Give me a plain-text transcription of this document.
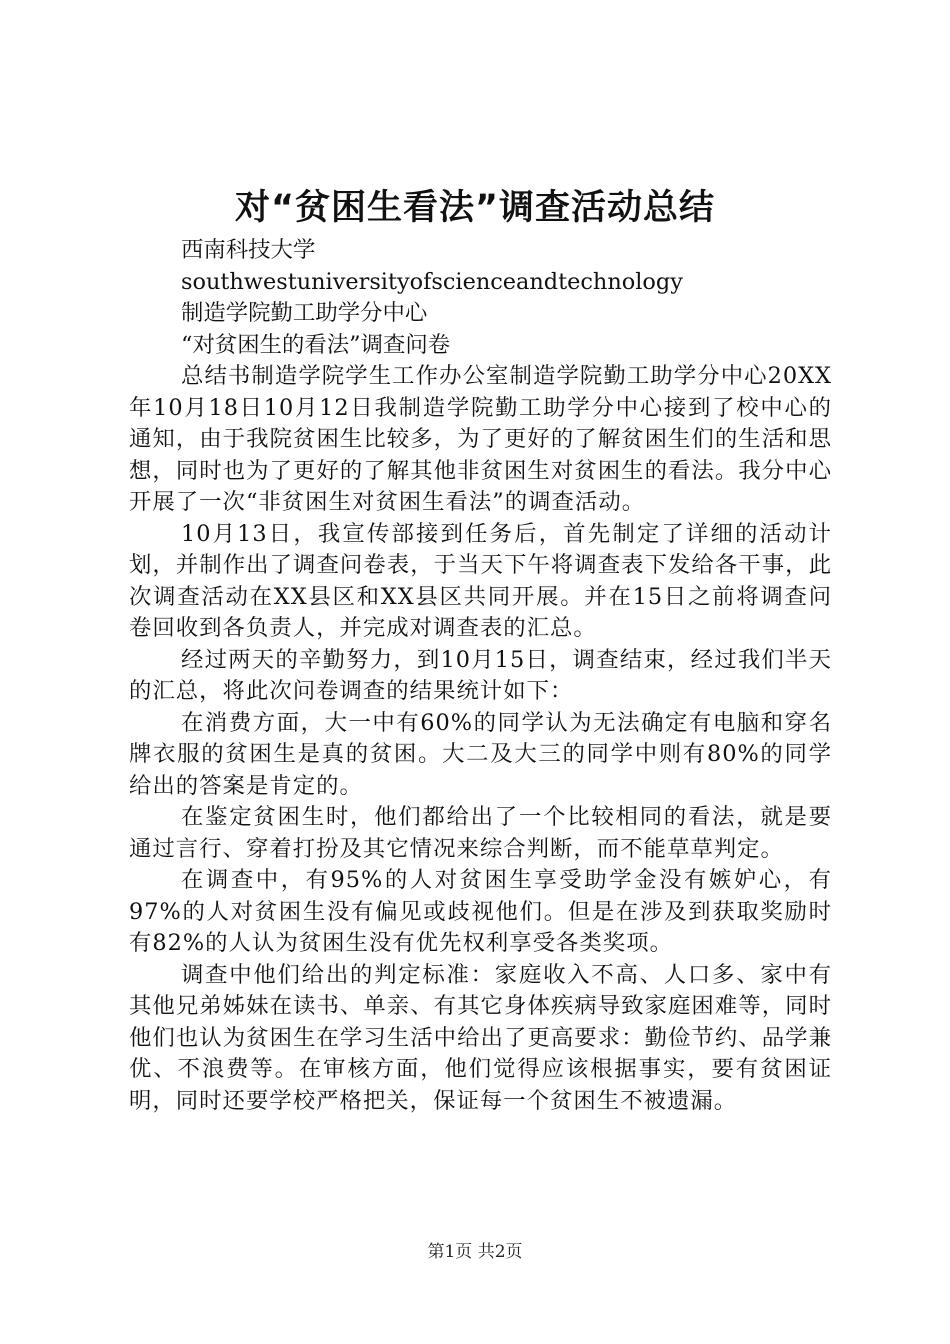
对“贫困生看法”调查活动总结
西南科技大学
southwestuniversityofscienceandtechnology
制造学院勤工助学分中心
“对贫困生的看法”调查问卷

总结书制造学院学生工作办公室制造学院勤工助学分中心20XX年10月18日10月12日我制造学院勤工助学分中心接到了校中心的通知，由于我院贫困生比较多，为了更好的了解贫困生们的生活和思想，同时也为了更好的了解其他非贫困生对贫困生的看法。我分中心开展了一次“非贫困生对贫困生看法”的调查活动。

10月13日，我宣传部接到任务后，首先制定了详细的活动计划，并制作出了调查问卷表，于当天下午将调查表下发给各干事，此次调查活动在XX县区和XX县区共同开展。并在15日之前将调查问卷回收到各负责人，并完成对调查表的汇总。

经过两天的辛勤努力，到10月15日，调查结束，经过我们半天的汇总，将此次问卷调查的结果统计如下：

在消费方面，大一中有60%的同学认为无法确定有电脑和穿名牌衣服的贫困生是真的贫困。大二及大三的同学中则有80%的同学给出的答案是肯定的。

在鉴定贫困生时，他们都给出了一个比较相同的看法，就是要通过言行、穿着打扮及其它情况来综合判断，而不能草草判定。

在调查中，有95%的人对贫困生享受助学金没有嫉妒心，有97%的人对贫困生没有偏见或歧视他们。但是在涉及到获取奖励时有82%的人认为贫困生没有优先权利享受各类奖项。

调查中他们给出的判定标准：家庭收入不高、人口多、家中有其他兄弟姊妹在读书、单亲、有其它身体疾病导致家庭困难等，同时他们也认为贫困生在学习生活中给出了更高要求：勤俭节约、品学兼优、不浪费等。在审核方面，他们觉得应该根据事实，要有贫困证明，同时还要学校严格把关，保证每一个贫困生不被遗漏。

第1页 共2页
